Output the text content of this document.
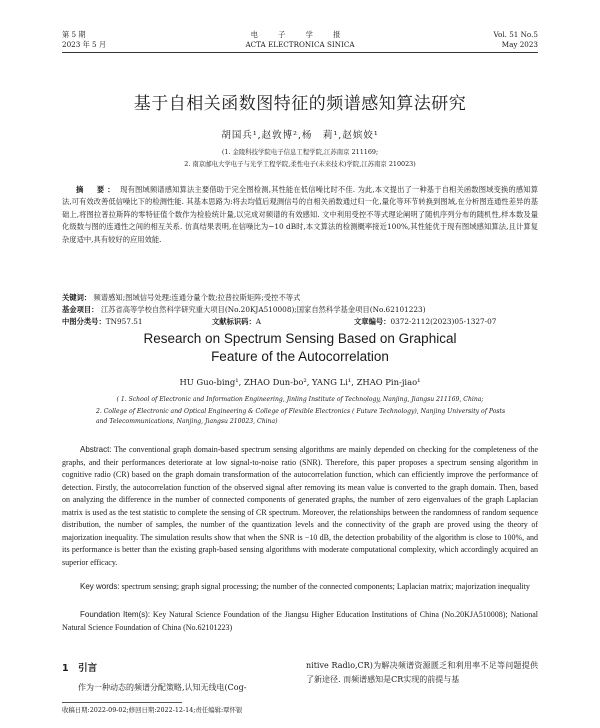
第 5 期
2023 年 5 月
电 子 学 报
ACTA ELECTRONICA SINICA
Vol. 51 No.5
May 2023
基于自相关函数图特征的频谱感知算法研究
胡国兵¹,赵敦博²,杨　莉¹,赵嫔姣¹
(1. 金陵科技学院电子信息工程学院,江苏南京 211169;
2. 南京邮电大学电子与光学工程学院,柔性电子(未来技术)学院,江苏南京 210023)
摘　要： 现有图域频谱感知算法主要借助于完全图检测,其性能在低信噪比时不佳. 为此,本文提出了一种基于自相关函数图域变换的感知算法,可有效改善低信噪比下的检测性能. 其基本思路为:将去均值后观测信号的自相关函数通过归一化,量化等环节转换到图域,在分析图连通性差异的基础上,将图拉普拉斯阵的零特征值个数作为检验统计量,以完成对频谱的有效感知. 文中利用受控不等式理论阐明了随机序列分布的随机性,样本数及量化级数与图的连通性之间的相互关系. 仿真结果表明,在信噪比为−10 dB时,本文算法的检测概率接近100%,其性能优于现有图域感知算法,且计算复杂度适中,具有较好的应用效能.
关键词： 频谱感知;图域信号处理;连通分量个数;拉普拉斯矩阵;受控不等式
基金项目： 江苏省高等学校自然科学研究重大项目(No.20KJA510008);国家自然科学基金项目(No.62101223)
中图分类号：TN957.51	文献标识码：A	文章编号：0372-2112(2023)05-1327-07
Research on Spectrum Sensing Based on Graphical
Feature of the Autocorrelation
HU Guo-bing¹, ZHAO Dun-bo², YANG Li¹, ZHAO Pin-jiao¹
( 1. School of Electronic and Information Engineering, Jinling Institute of Technology, Nanjing, Jiangsu 211169, China;
2. College of Electronic and Optical Engineering & College of Flexible Electronics ( Future Technology), Nanjing University of Posts and Telecommunications, Nanjing, Jiangsu 210023, China)
Abstract: The conventional graph domain-based spectrum sensing algorithms are mainly depended on checking for the completeness of the graphs, and their performances deteriorate at low signal-to-noise ratio (SNR). Therefore, this paper proposes a spectrum sensing algorithm in cognitive radio (CR) based on the graph domain transformation of the autocorrelation function, which can efficiently improve the performance of detection. Firstly, the autocorrelation function of the observed signal after removing its mean value is converted to the graph domain. Then, based on analyzing the difference in the number of connected components of generated graphs, the number of zero eigenvalues of the graph Laplacian matrix is used as the test statistic to complete the sensing of CR spectrum. Moreover, the relationships between the randomness of random sequence distribution, the number of samples, the number of the quantization levels and the connectivity of the graph are proved using the theory of majorization inequality. The simulation results show that when the SNR is −10 dB, the detection probability of the algorithm is close to 100%, and its performance is better than the existing graph-based sensing algorithms with moderate computational complexity, which accordingly acquired an superior efficacy.
Key words: spectrum sensing; graph signal processing; the number of the connected components; Laplacian matrix; majorization inequality
Foundation Item(s): Key Natural Science Foundation of the Jiangsu Higher Education Institutions of China (No.20KJA510008); National Natural Science Foundation of China (No.62101223)
1　引言
作为一种动态的频谱分配策略,认知无线电(Cog-
nitive Radio,CR)为解决频谱资源匮乏和利用率不足等问题提供了新途径. 而频谱感知是CR实现的前提与基
收稿日期:2022-09-02;修回日期:2022-12-14;责任编辑:覃怀银
